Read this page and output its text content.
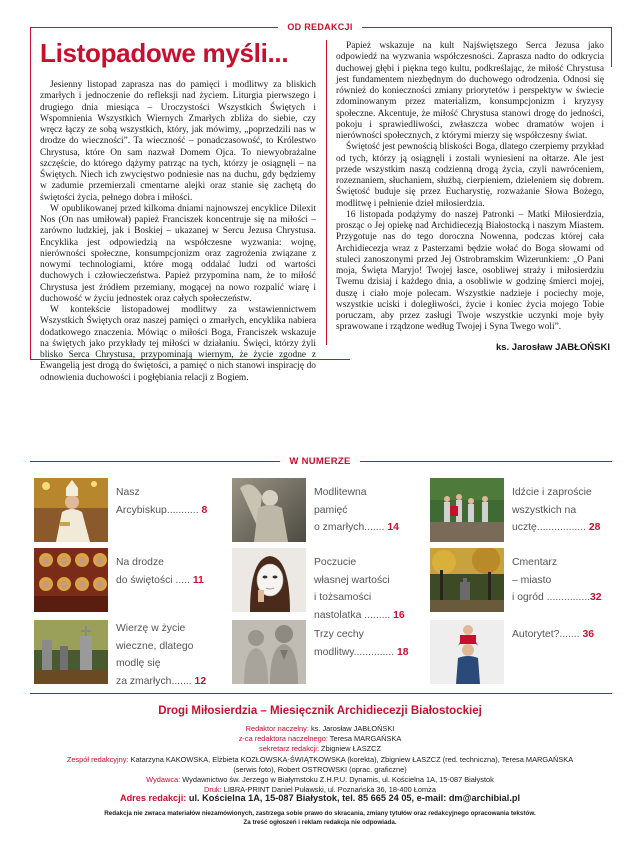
OD REDAKCJI
Listopadowe myśli...

Jesienny listopad zaprasza nas do pamięci i modlitwy za bliskich zmarłych i jednoczenie do refleksji nad życiem. Liturgia pierwszego i drugiego dnia miesiąca – Uroczystości Wszystkich Świętych i Wspomnienia Wszystkich Wiernych Zmarłych zbliża do siebie, czy wręcz łączy ze sobą wszystkich, który, jak mówimy, „poprzedzili nas w drodze do wieczności”. Ta wieczność – ponadczasowość, to Królestwo Chrystusa, które On sam nazwał Domem Ojca. To niewyobrażalne szczęście, do którego dążymy patrząc na tych, którzy je osiągnęli – na Świętych. Niech ich zwycięstwo podniesie nas na duchu, gdy będziemy w zadumie przemierzali cmentarne alejki oraz stanie się zachętą do świętości życia, pełnego dobra i miłości.

W opublikowanej przed kilkoma dniami najnowszej encyklice Dilexit Nos (On nas umiłował) papież Franciszek koncentruje się na miłości – zarówno ludzkiej, jak i Boskiej – ukazanej w Sercu Jezusa Chrystusa. Encyklika jest odpowiedzią na współczesne wyzwania: wojnę, nierówności społeczne, konsumpcjonizm oraz zagrożenia związane z nowymi technologiami, które mogą oddalać ludzi od wartości duchowych i człowieczeństwa. Papież przypomina nam, że to miłość Chrystusa jest źródłem przemiany, mogącej na nowo rozpalić wiarę i duchowość w życiu jednostek oraz całych społeczeństw.

W kontekście listopadowej modlitwy za wstawiennictwem Wszystkich Świętych oraz naszej pamięci o zmarłych, encyklika nabiera dodatkowego znaczenia. Mówiąc o miłości Boga, Franciszek wskazuje na świętych jako przykłady tej miłości w działaniu. Święci, którzy żyli blisko Serca Chrystusa, przypominają wiernym, że życie zgodne z Ewangelią jest drogą do świętości, a pamięć o nich stanowi inspirację do odnowienia duchowości i pogłębiania relacji z Bogiem.

Papież wskazuje na kult Najświętszego Serca Jezusa jako odpowiedź na wyzwania współczesności. Zaprasza nadto do odkrycia duchowej głębi i piękna tego kultu, podkreślając, że miłość Chrystusa jest fundamentem niezbędnym do duchowego odrodzenia. Odnosi się również do konieczności zmiany priorytetów i perspektyw w świecie zdominowanym przez materializm, konsumpcjonizm i kryzysy społeczne. Akcentuje, że miłość Chrystusa stanowi drogę do jedności, pokoju i sprawiedliwości, zwłaszcza wobec dramatów wojen i nierówności społecznych, z którymi mierzy się współczesny świat.

Świętość jest pewnością bliskości Boga, dlatego czerpiemy przykład od tych, którzy ją osiągnęli i zostali wyniesieni na ołtarze. Ale jest przede wszystkim naszą codzienną drogą życia, czyli nawróceniem, rozeznaniem, słuchaniem, służbą, cierpieniem, dzieleniem się dobrem. Świętość buduje się przez Eucharystię, rozważanie Słowa Bożego, modlitwę i pełnienie dzieł miłosierdzia.

16 listopada podążymy do naszej Patronki – Matki Miłosierdzia, prosząc o Jej opiekę nad Archidiecezją Białostocką i naszym Miastem. Przygotuje nas do tego doroczna Nowenna, podczas której cała Archidiecezja wraz z Pasterzami będzie wołać do Boga słowami od stuleci zanoszonymi przed Jej Ostrobramskim Wizerunkiem: „O Pani moja, Święta Maryjo! Twojej łasce, osobliwej straży i miłosierdziu Twemu dzisiaj i każdego dnia, a osobliwie w godzinę śmierci mojej, duszę i ciało moje polecam. Wszystkie nadzieje i pociechy moje, wszystkie uciski i doległiwości, życie i koniec życia mojego Tobie poruczam, aby przez zasługi Twoje wszystkie uczynki moje były sprawowane i rządzone według Twojej i Syna Twego woli”.

ks. Jarosław JABŁOŃSKI
W NUMERZE
Nasz
Arcybiskup........... 8
Modlitewna
pamięć
o zmarłych....... 14
Idźcie i zaproście
wszystkich na
ucztę................. 28
Na drodze
do świętości ..... 11
Poczucie
własnej wartości
i tożsamości
nastolatka ......... 16
Cmentarz
– miasto
i ogród ...............32
Wierzę w życie
wieczne, dlatego
modlę się
za zmarłych....... 12
Trzy cechy
modlitwy.............. 18
Autorytet?....... 36
Drogi Miłosierdzia – Miesięcznik Archidiecezji Białostockiej
Redaktor naczelny: ks. Jarosław JABŁOŃSKI
z-ca redaktora naczelnego: Teresa MARGAŃSKA
sekretarz redakcji: Zbigniew ŁASZCZ
Zespół redakcyjny: Katarzyna KAKOWSKA, Elżbieta KOZŁOWSKA-ŚWIĄTKOWSKA (korekta), Zbigniew ŁASZCZ (red. techniczna), Teresa MARGAŃSKA (serwis foto), Robert OSTROWSKI (oprac. graficzne)
Wydawca: Wydawnictwo św. Jerzego w Białymstoku Z.H.P.U. Dynamis, ul. Kościelna 1A, 15-087 Białystok
Druk: LIBRA-PRINT Daniel Puławski, ul. Poznańska 36, 18-400 Łomża
Adres redakcji: ul. Kościelna 1A, 15-087 Białystok, tel. 85 665 24 05, e-mail: dm@archibial.pl
Redakcja nie zwraca materiałów niezamówionych, zastrzega sobie prawo do skracania, zmiany tytułów oraz redakcyjnego opracowania tekstów.
Za treść ogłoszeń i reklam redakcja nie odpowiada.
